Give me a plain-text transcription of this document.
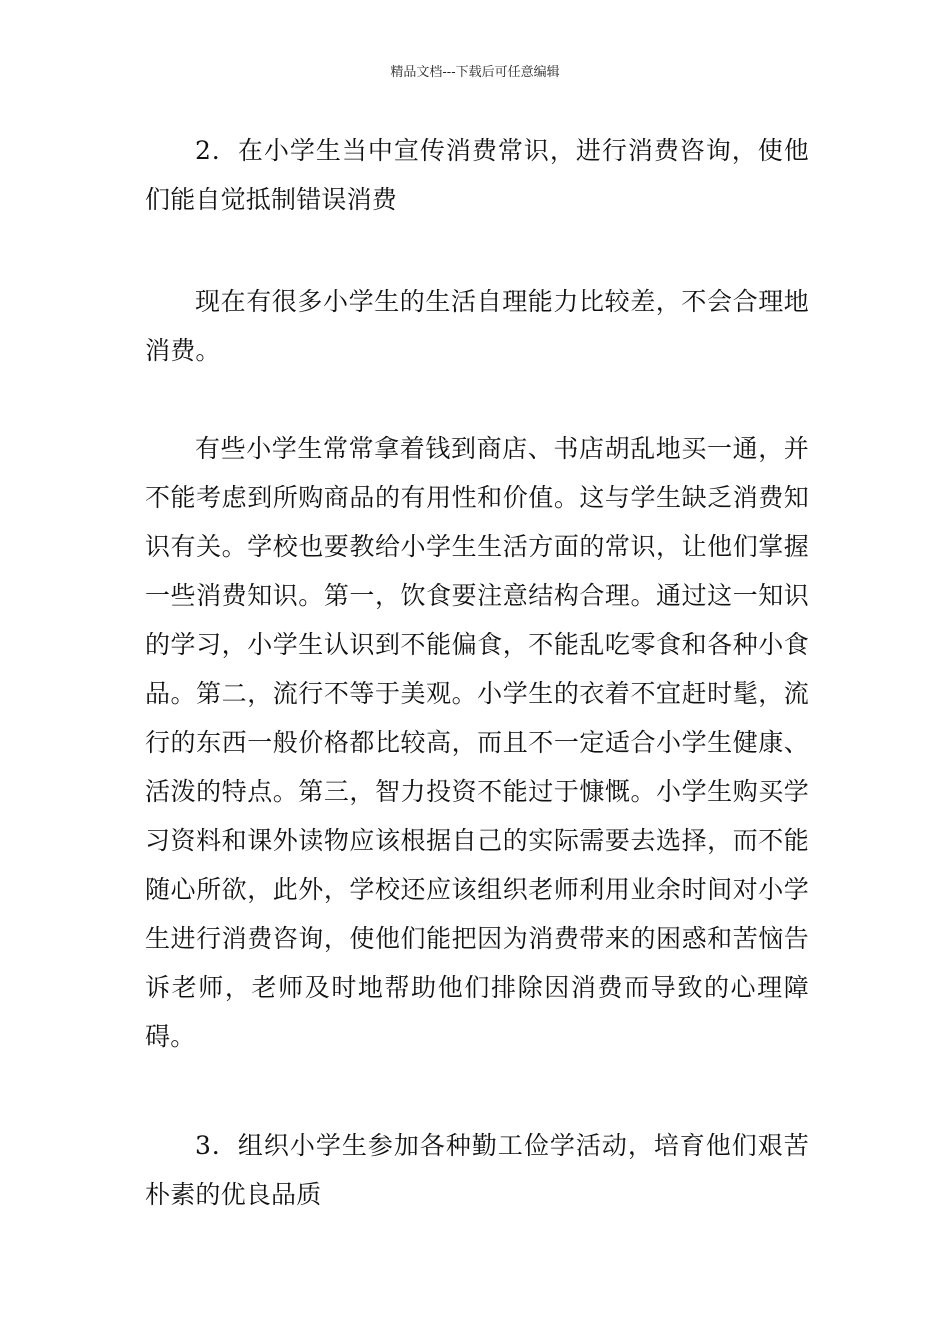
精品文档---下载后可任意编辑

2．在小学生当中宣传消费常识，进行消费咨询，使他们能自觉抵制错误消费

现在有很多小学生的生活自理能力比较差，不会合理地消费。

有些小学生常常拿着钱到商店、书店胡乱地买一通，并不能考虑到所购商品的有用性和价值。这与学生缺乏消费知识有关。学校也要教给小学生生活方面的常识，让他们掌握一些消费知识。第一，饮食要注意结构合理。通过这一知识的学习，小学生认识到不能偏食，不能乱吃零食和各种小食品。第二，流行不等于美观。小学生的衣着不宜赶时髦，流行的东西一般价格都比较高，而且不一定适合小学生健康、活泼的特点。第三，智力投资不能过于慷慨。小学生购买学习资料和课外读物应该根据自己的实际需要去选择，而不能随心所欲，此外，学校还应该组织老师利用业余时间对小学生进行消费咨询，使他们能把因为消费带来的困惑和苦恼告诉老师，老师及时地帮助他们排除因消费而导致的心理障碍。

3．组织小学生参加各种勤工俭学活动，培育他们艰苦朴素的优良品质
